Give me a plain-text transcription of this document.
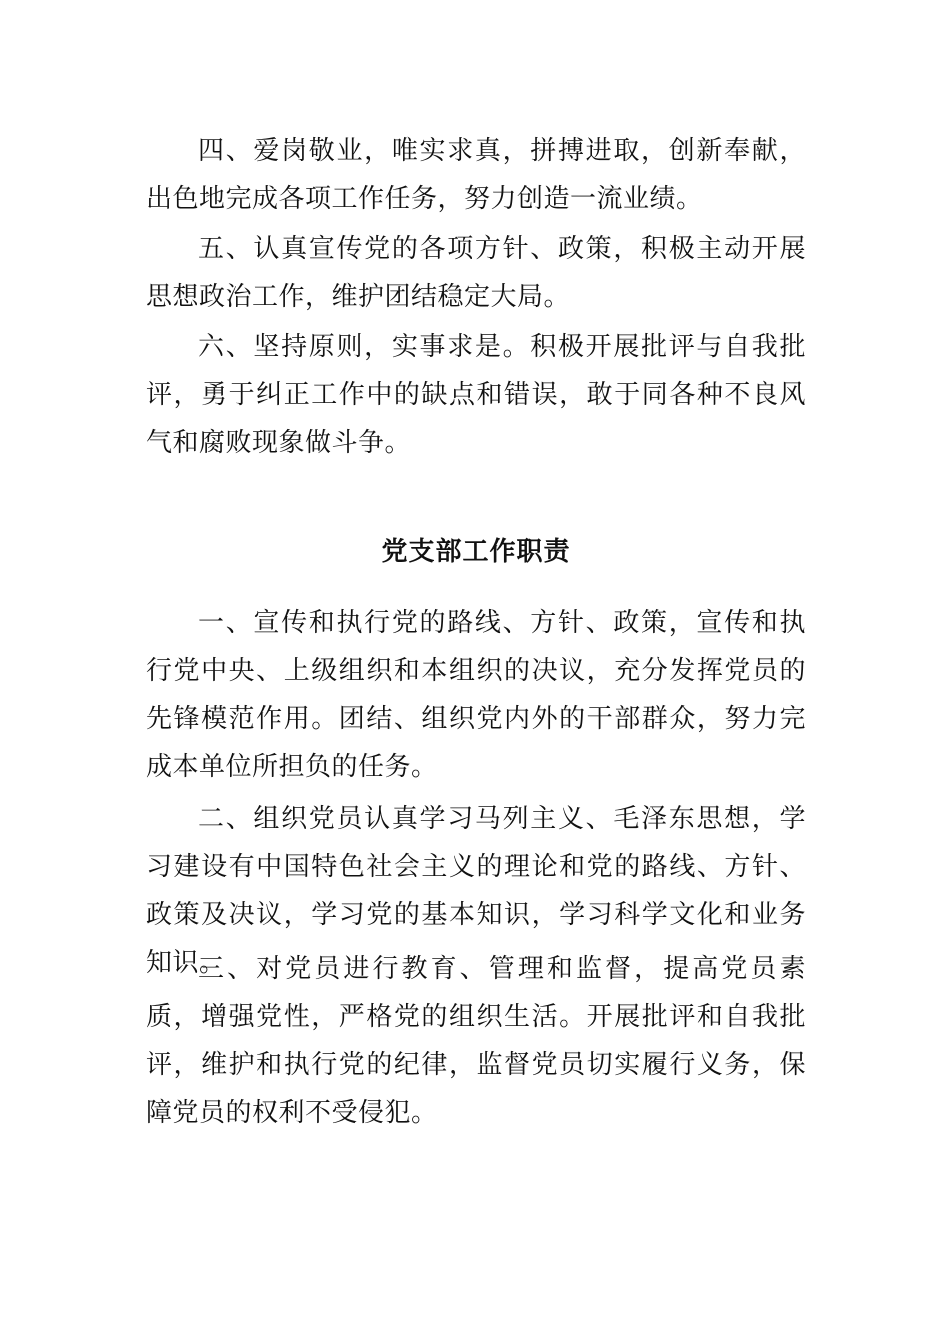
四、爱岗敬业，唯实求真，拼搏进取，创新奉献，出色地完成各项工作任务，努力创造一流业绩。

五、认真宣传党的各项方针、政策，积极主动开展思想政治工作，维护团结稳定大局。

六、坚持原则，实事求是。积极开展批评与自我批评，勇于纠正工作中的缺点和错误，敢于同各种不良风气和腐败现象做斗争。

党支部工作职责

一、宣传和执行党的路线、方针、政策，宣传和执行党中央、上级组织和本组织的决议，充分发挥党员的先锋模范作用。团结、组织党内外的干部群众，努力完成本单位所担负的任务。

二、组织党员认真学习马列主义、毛泽东思想，学习建设有中国特色社会主义的理论和党的路线、方针、政策及决议，学习党的基本知识，学习科学文化和业务知识。

三、对党员进行教育、管理和监督，提高党员素质，增强党性，严格党的组织生活。开展批评和自我批评，维护和执行党的纪律，监督党员切实履行义务，保障党员的权利不受侵犯。
